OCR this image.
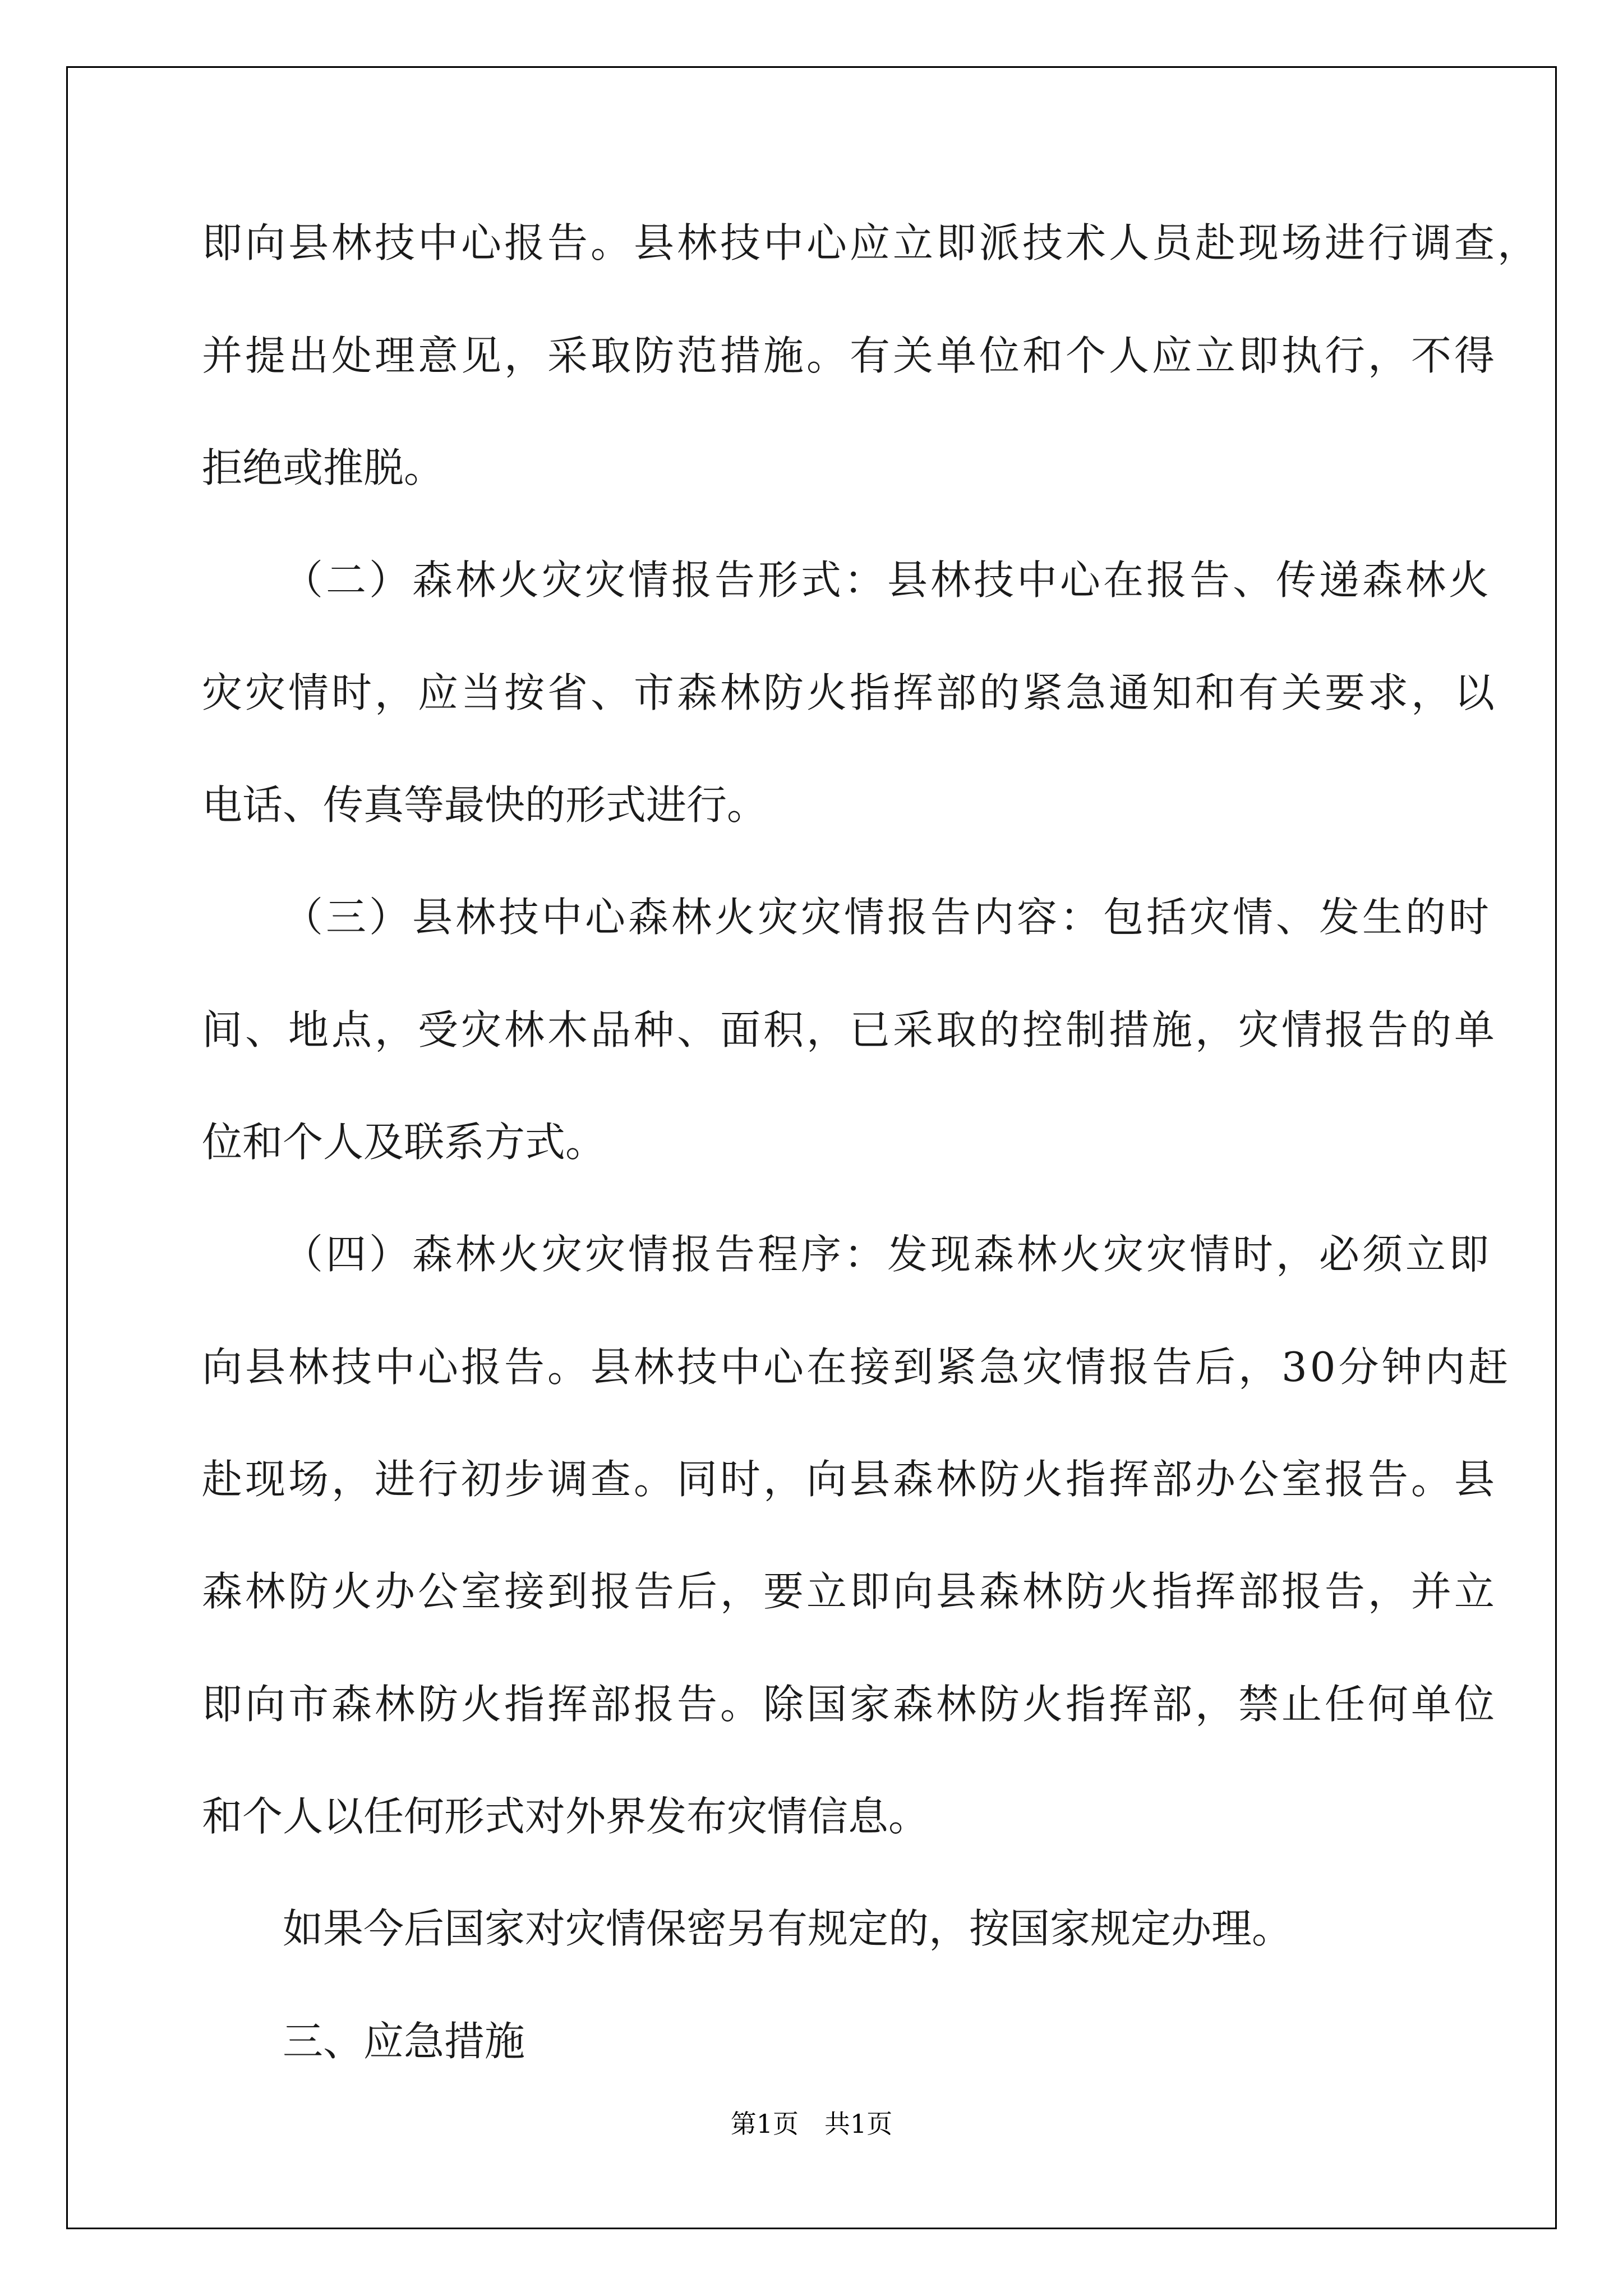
即向县林技中心报告。县林技中心应立即派技术人员赴现场进行调查，
并提出处理意见，采取防范措施。有关单位和个人应立即执行，不得
拒绝或推脱。
（二）森林火灾灾情报告形式：县林技中心在报告、传递森林火
灾灾情时，应当按省、市森林防火指挥部的紧急通知和有关要求，以
电话、传真等最快的形式进行。
（三）县林技中心森林火灾灾情报告内容：包括灾情、发生的时
间、地点，受灾林木品种、面积，已采取的控制措施，灾情报告的单
位和个人及联系方式。
（四）森林火灾灾情报告程序：发现森林火灾灾情时，必须立即
向县林技中心报告。县林技中心在接到紧急灾情报告后，30分钟内赶
赴现场，进行初步调查。同时，向县森林防火指挥部办公室报告。县
森林防火办公室接到报告后，要立即向县森林防火指挥部报告，并立
即向市森林防火指挥部报告。除国家森林防火指挥部，禁止任何单位
和个人以任何形式对外界发布灾情信息。
如果今后国家对灾情保密另有规定的，按国家规定办理。
三、应急措施
第1页　共1页
